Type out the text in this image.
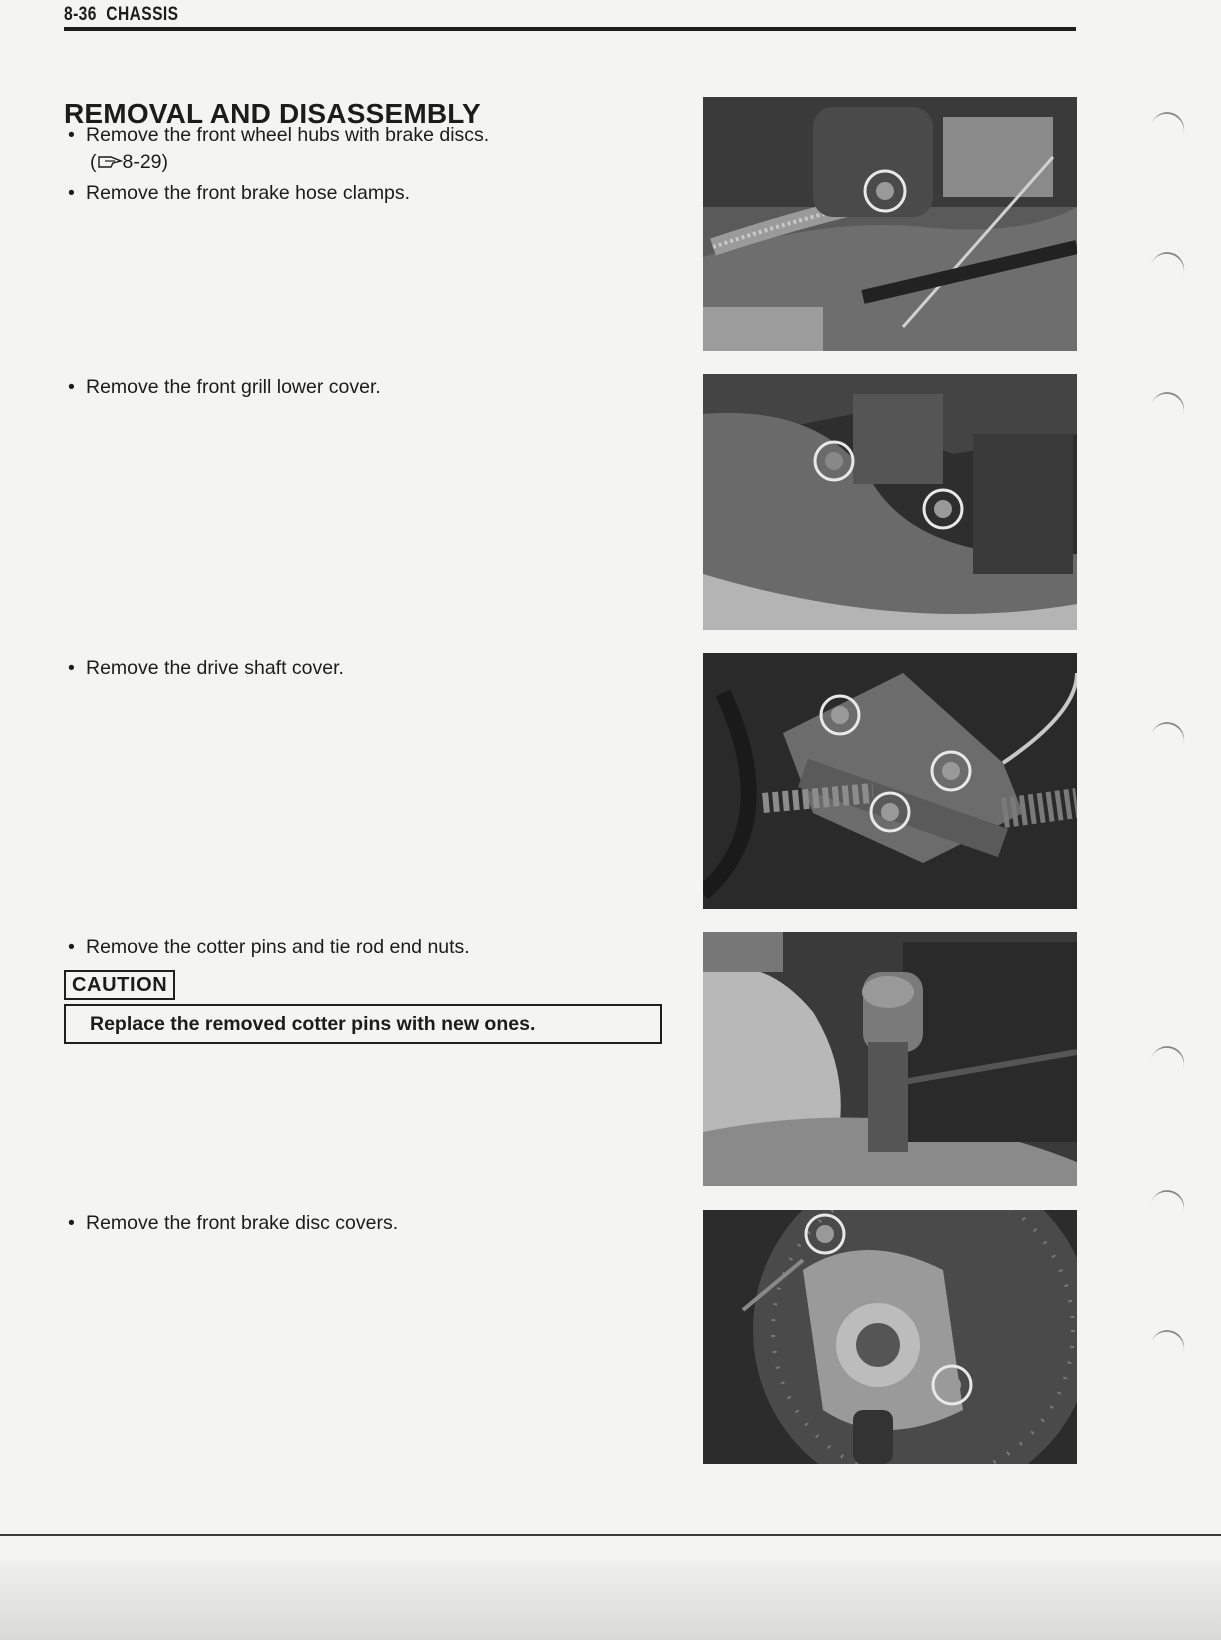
8-36 CHASSIS
REMOVAL AND DISASSEMBLY
• Remove the front wheel hubs with brake discs.
( 8-29)
• Remove the front brake hose clamps.
• Remove the front grill lower cover.
• Remove the drive shaft cover.
• Remove the cotter pins and tie rod end nuts.
CAUTION
Replace the removed cotter pins with new ones.
• Remove the front brake disc covers.
